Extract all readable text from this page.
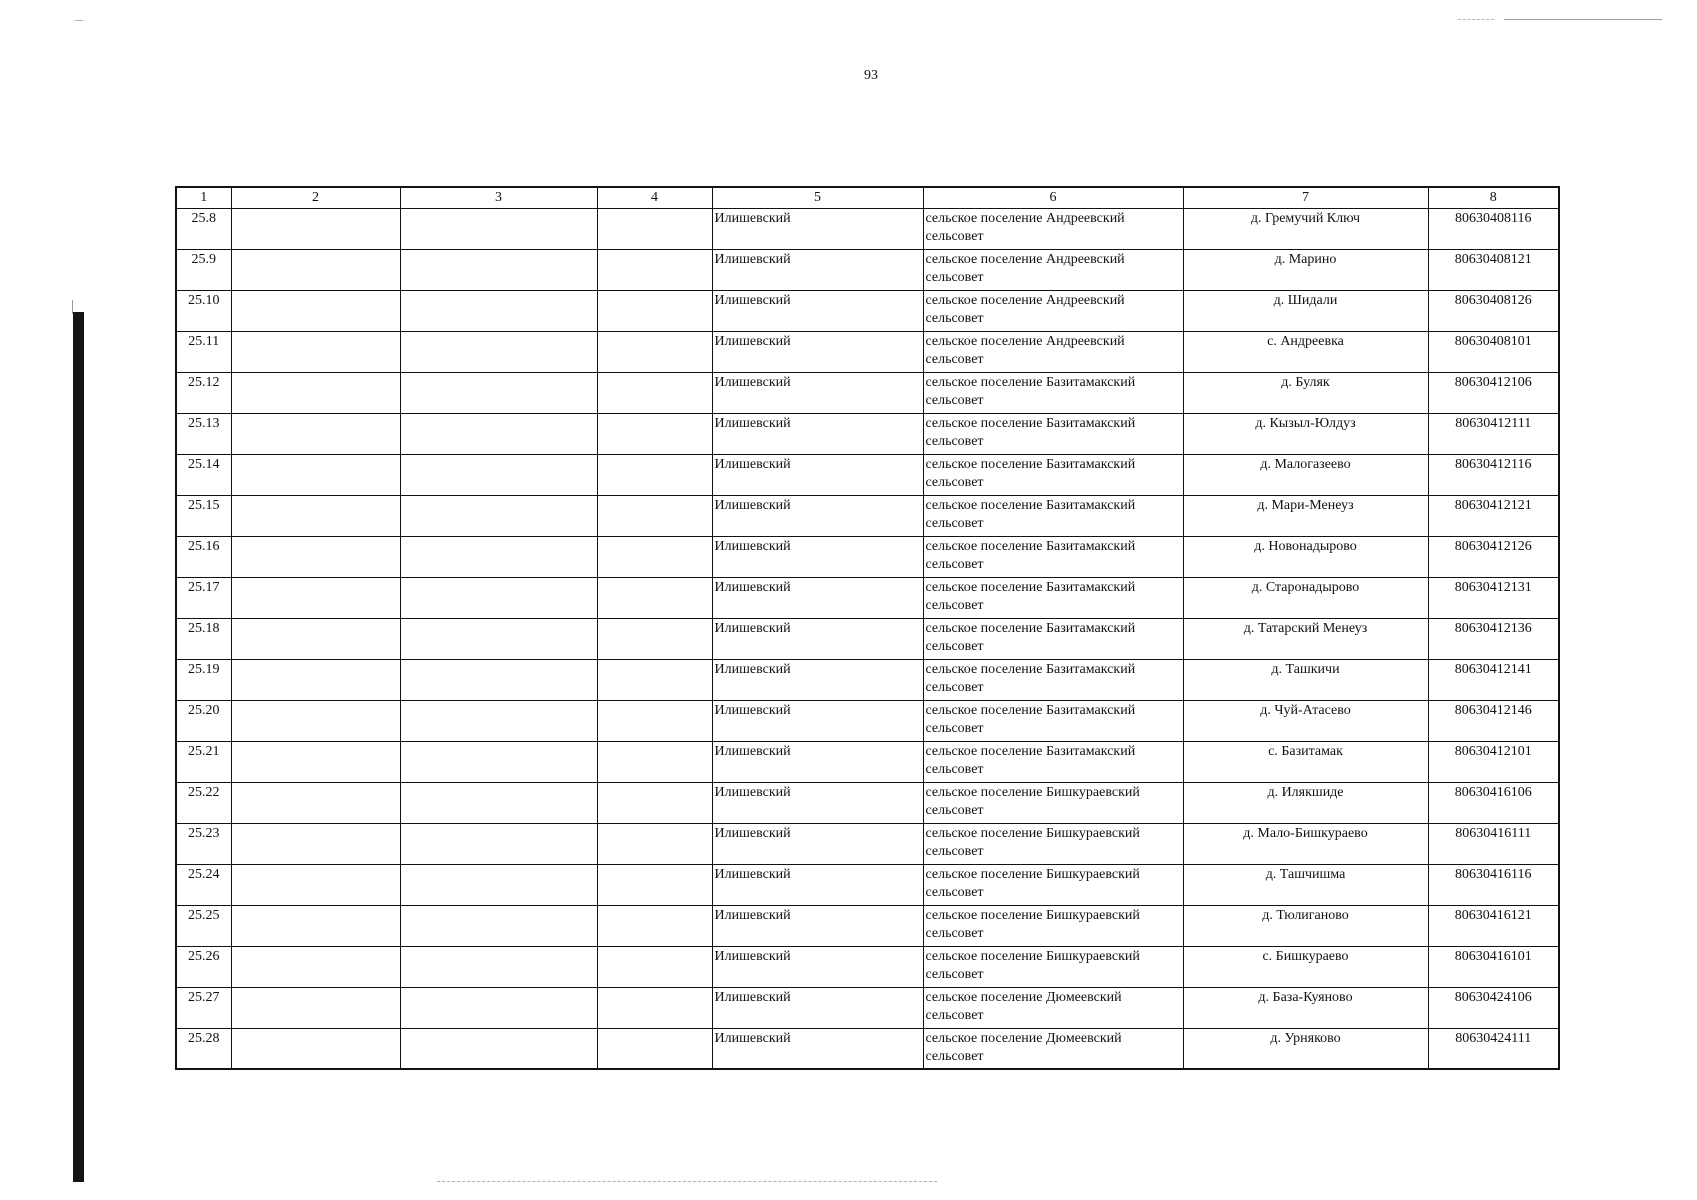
93
1	2	3	4	5	6	7	8
25.8				Илишевский	сельское поселение Андреевский сельсовет	д. Гремучий Ключ	80630408116
25.9				Илишевский	сельское поселение Андреевский сельсовет	д. Марино	80630408121
25.10				Илишевский	сельское поселение Андреевский сельсовет	д. Шидали	80630408126
25.11				Илишевский	сельское поселение Андреевский сельсовет	с. Андреевка	80630408101
25.12				Илишевский	сельское поселение Базитамакский сельсовет	д. Буляк	80630412106
25.13				Илишевский	сельское поселение Базитамакский сельсовет	д. Кызыл-Юлдуз	80630412111
25.14				Илишевский	сельское поселение Базитамакский сельсовет	д. Малогазеево	80630412116
25.15				Илишевский	сельское поселение Базитамакский сельсовет	д. Мари-Менеуз	80630412121
25.16				Илишевский	сельское поселение Базитамакский сельсовет	д. Новонадырово	80630412126
25.17				Илишевский	сельское поселение Базитамакский сельсовет	д. Старонадырово	80630412131
25.18				Илишевский	сельское поселение Базитамакский сельсовет	д. Татарский Менеуз	80630412136
25.19				Илишевский	сельское поселение Базитамакский сельсовет	д. Ташкичи	80630412141
25.20				Илишевский	сельское поселение Базитамакский сельсовет	д. Чуй-Атасево	80630412146
25.21				Илишевский	сельское поселение Базитамакский сельсовет	с. Базитамак	80630412101
25.22				Илишевский	сельское поселение Бишкураевский сельсовет	д. Илякшиде	80630416106
25.23				Илишевский	сельское поселение Бишкураевский сельсовет	д. Мало-Бишкураево	80630416111
25.24				Илишевский	сельское поселение Бишкураевский сельсовет	д. Ташчишма	80630416116
25.25				Илишевский	сельское поселение Бишкураевский сельсовет	д. Тюлиганово	80630416121
25.26				Илишевский	сельское поселение Бишкураевский сельсовет	с. Бишкураево	80630416101
25.27				Илишевский	сельское поселение Дюмеевский сельсовет	д. База-Куяново	80630424106
25.28				Илишевский	сельское поселение Дюмеевский сельсовет	д. Урняково	80630424111
